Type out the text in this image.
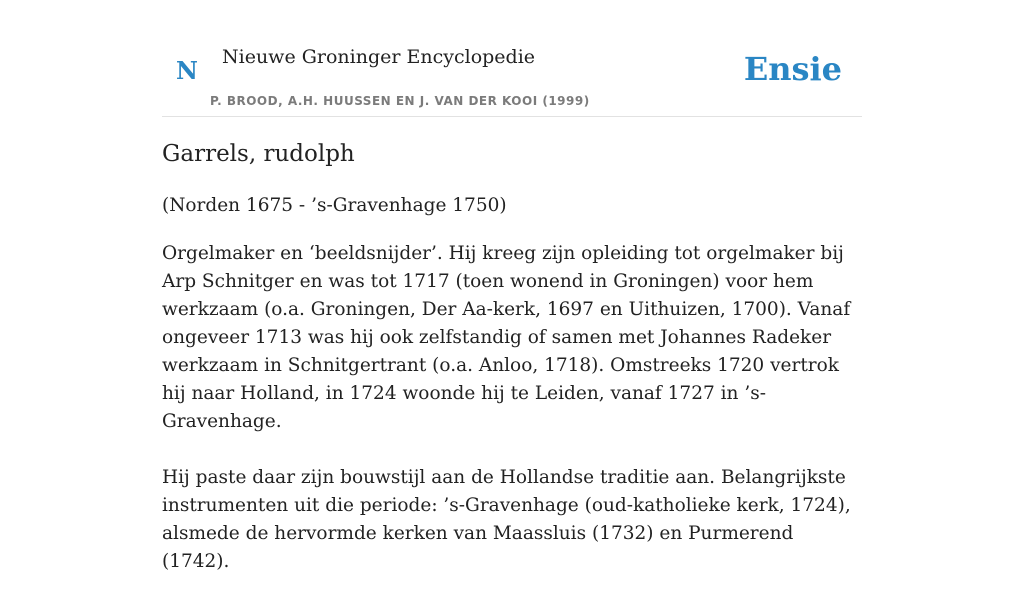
N Nieuwe Groninger Encyclopedie
P. BROOD, A.H. HUUSSEN EN J. VAN DER KOOI (1999)
Ensie
Garrels, rudolph
(Norden 1675 - ’s-Gravenhage 1750)

Orgelmaker en ‘beeldsnijder’. Hij kreeg zijn opleiding tot orgelmaker bij Arp Schnitger en was tot 1717 (toen wonend in Groningen) voor hem werkzaam (o.a. Groningen, Der Aa-kerk, 1697 en Uithuizen, 1700). Vanaf ongeveer 1713 was hij ook zelfstandig of samen met Johannes Radeker werkzaam in Schnitgertrant (o.a. Anloo, 1718). Omstreeks 1720 vertrok hij naar Holland, in 1724 woonde hij te Leiden, vanaf 1727 in ’s-Gravenhage.

Hij paste daar zijn bouwstijl aan de Hollandse traditie aan. Belangrijkste instrumenten uit die periode: ’s-Gravenhage (oud-katholieke kerk, 1724), alsmede de hervormde kerken van Maassluis (1732) en Purmerend (1742).
